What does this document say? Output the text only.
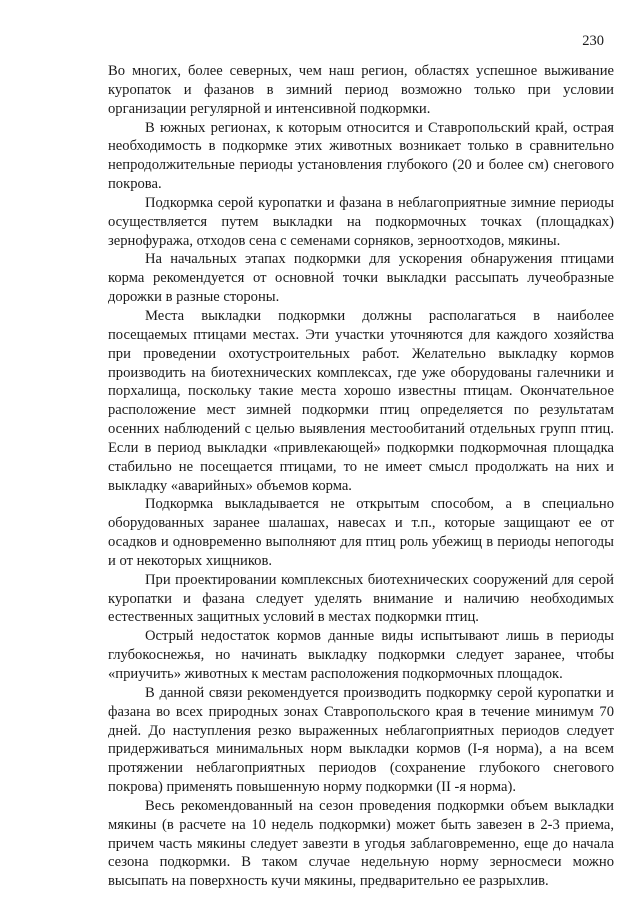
230

Во многих, более северных, чем наш регион, областях успешное выживание куропаток и фазанов в зимний период возможно только при условии организации регулярной и интенсивной подкормки.

В южных регионах, к которым относится и Ставропольский край, острая необходимость в подкормке этих животных возникает только в сравнительно непродолжительные периоды установления глубокого (20 и более см) снегового покрова.

Подкормка серой куропатки и фазана в неблагоприятные зимние периоды осуществляется путем выкладки на подкормочных точках (площадках) зернофуража, отходов сена с семенами сорняков, зерноотходов, мякины.

На начальных этапах подкормки для ускорения обнаружения птицами корма рекомендуется от основной точки выкладки рассыпать лучеобразные дорожки в разные стороны.

Места выкладки подкормки должны располагаться в наиболее посещаемых птицами местах. Эти участки уточняются для каждого хозяйства при проведении охотустроительных работ. Желательно выкладку кормов производить на биотехнических комплексах, где уже оборудованы галечники и порхалища, поскольку такие места хорошо известны птицам. Окончательное расположение мест зимней подкормки птиц определяется по результатам осенних наблюдений с целью выявления местообитаний отдельных групп птиц. Если в период выкладки «привлекающей» подкормки подкормочная площадка стабильно не посещается птицами, то не имеет смысл продолжать на них и выкладку «аварийных» объемов корма.

Подкормка выкладывается не открытым способом, а в специально оборудованных заранее шалашах, навесах и т.п., которые защищают ее от осадков и одновременно выполняют для птиц роль убежищ в периоды непогоды и от некоторых хищников.

При проектировании комплексных биотехнических сооружений для серой куропатки и фазана следует уделять внимание и наличию необходимых естественных защитных условий в местах подкормки птиц.

Острый недостаток кормов данные виды испытывают лишь в периоды глубокоснежья, но начинать выкладку подкормки следует заранее, чтобы «приучить» животных к местам расположения подкормочных площадок.

В данной связи рекомендуется производить подкормку серой куропатки и фазана во всех природных зонах Ставропольского края в течение минимум 70 дней. До наступления резко выраженных неблагоприятных периодов следует придерживаться минимальных норм выкладки кормов (I-я норма), а на всем протяжении неблагоприятных периодов (сохранение глубокого снегового покрова) применять повышенную норму подкормки (II -я норма).

Весь рекомендованный на сезон проведения подкормки объем выкладки мякины (в расчете на 10 недель подкормки) может быть завезен в 2-3 приема, причем часть мякины следует завезти в угодья заблаговременно, еще до начала сезона подкормки. В таком случае недельную норму зерносмеси можно высыпать на поверхность кучи мякины, предварительно ее разрыхлив.
